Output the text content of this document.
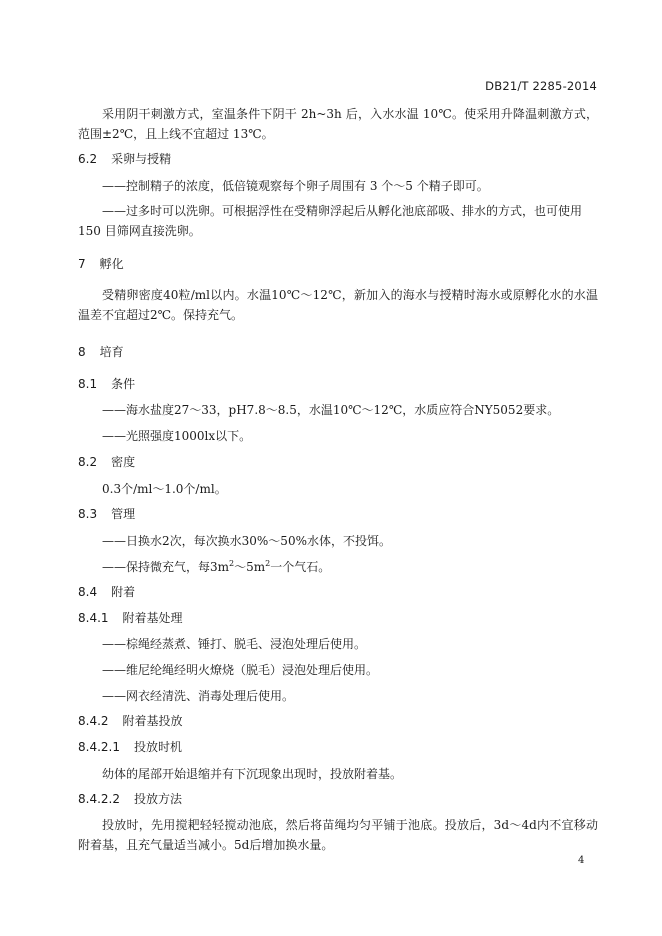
DB21/T 2285-2014
采用阴干刺激方式，室温条件下阴干 2h~3h 后，入水水温 10℃。使采用升降温刺激方式，范围±2℃，且上线不宜超过 13℃。
6.2 采卵与授精
——控制精子的浓度，低倍镜观察每个卵子周围有 3 个～5 个精子即可。
——过多时可以洗卵。可根据浮性在受精卵浮起后从孵化池底部吸、排水的方式，也可使用 150 目筛网直接洗卵。
7 孵化
受精卵密度40粒/ml以内。水温10℃～12℃，新加入的海水与授精时海水或原孵化水的水温温差不宜超过2℃。保持充气。
8 培育
8.1 条件
——海水盐度27～33，pH7.8～8.5，水温10℃～12℃，水质应符合NY5052要求。
——光照强度1000lx以下。
8.2 密度
0.3个/ml～1.0个/ml。
8.3 管理
——日换水2次，每次换水30%～50%水体，不投饵。
——保持微充气，每$3m^2\sim 5m^2$一个气石。
8.4 附着
8.4.1 附着基处理
——棕绳经蒸煮、锤打、脱毛、浸泡处理后使用。
——维尼纶绳经明火燎烧（脱毛）浸泡处理后使用。
——网衣经清洗、消毒处理后使用。
8.4.2 附着基投放
8.4.2.1 投放时机
幼体的尾部开始退缩并有下沉现象出现时，投放附着基。
8.4.2.2 投放方法
投放时，先用搅耙轻轻搅动池底，然后将苗绳均匀平铺于池底。投放后，3d～4d内不宜移动附着基，且充气量适当减小。5d后增加换水量。
4
